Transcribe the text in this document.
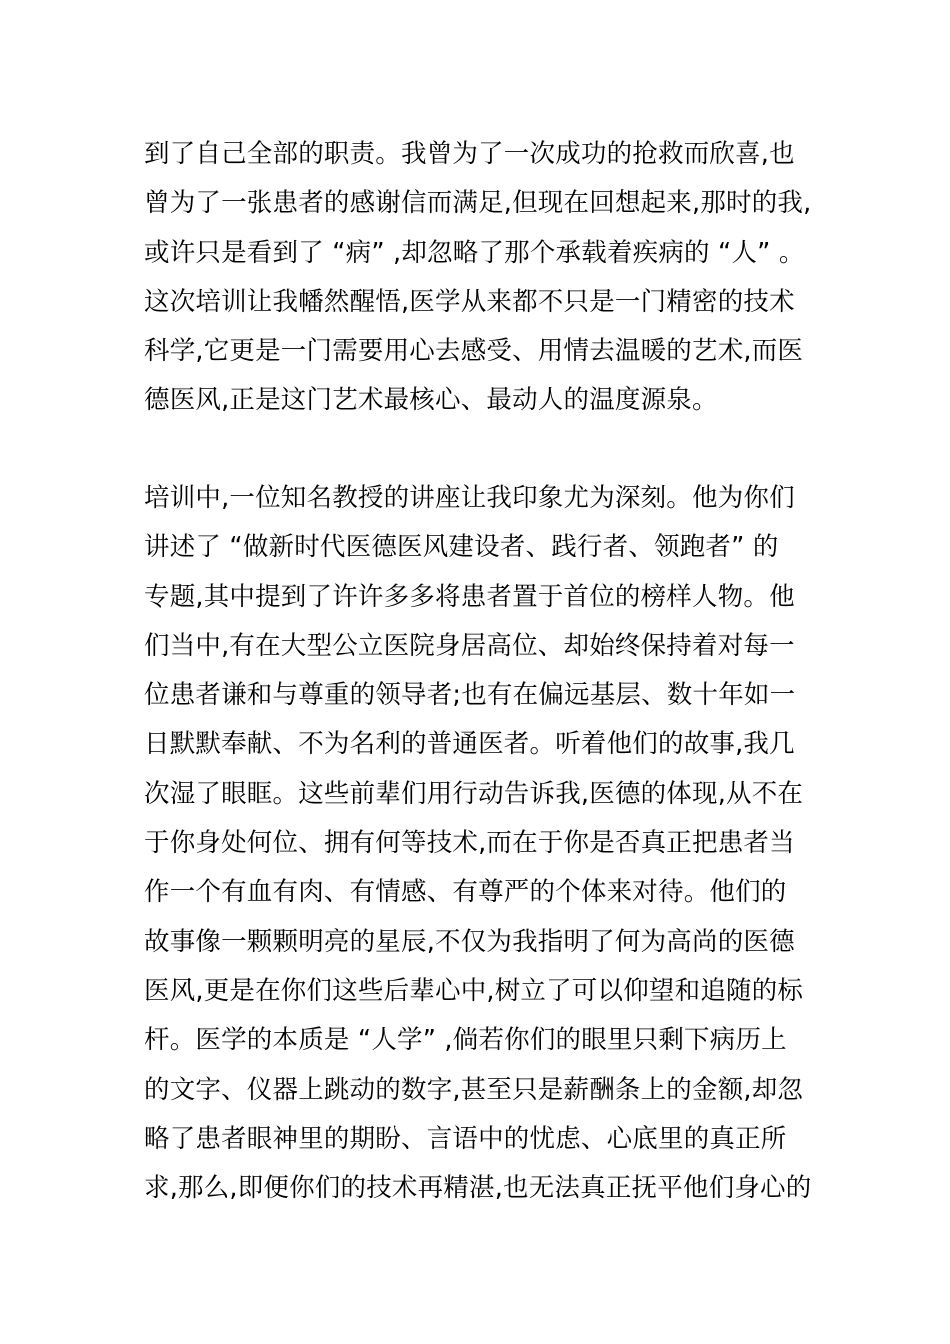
到了自己全部的职责。我曾为了一次成功的抢救而欣喜,也
曾为了一张患者的感谢信而满足,但现在回想起来,那时的我,
或许只是看到了 “病” ,却忽略了那个承载着疾病的 “人” 。
这次培训让我幡然醒悟,医学从来都不只是一门精密的技术
科学,它更是一门需要用心去感受、用情去温暖的艺术,而医
德医风,正是这门艺术最核心、最动人的温度源泉。
培训中,一位知名教授的讲座让我印象尤为深刻。他为你们
讲述了 “做新时代医德医风建设者、践行者、领跑者” 的
专题,其中提到了许许多多将患者置于首位的榜样人物。他
们当中,有在大型公立医院身居高位、却始终保持着对每一
位患者谦和与尊重的领导者;也有在偏远基层、数十年如一
日默默奉献、不为名利的普通医者。听着他们的故事,我几
次湿了眼眶。这些前辈们用行动告诉我,医德的体现,从不在
于你身处何位、拥有何等技术,而在于你是否真正把患者当
作一个有血有肉、有情感、有尊严的个体来对待。他们的
故事像一颗颗明亮的星辰,不仅为我指明了何为高尚的医德
医风,更是在你们这些后辈心中,树立了可以仰望和追随的标
杆。医学的本质是 “人学” ,倘若你们的眼里只剩下病历上
的文字、仪器上跳动的数字,甚至只是薪酬条上的金额,却忽
略了患者眼神里的期盼、言语中的忧虑、心底里的真正所
求,那么,即便你们的技术再精湛,也无法真正抚平他们身心的
